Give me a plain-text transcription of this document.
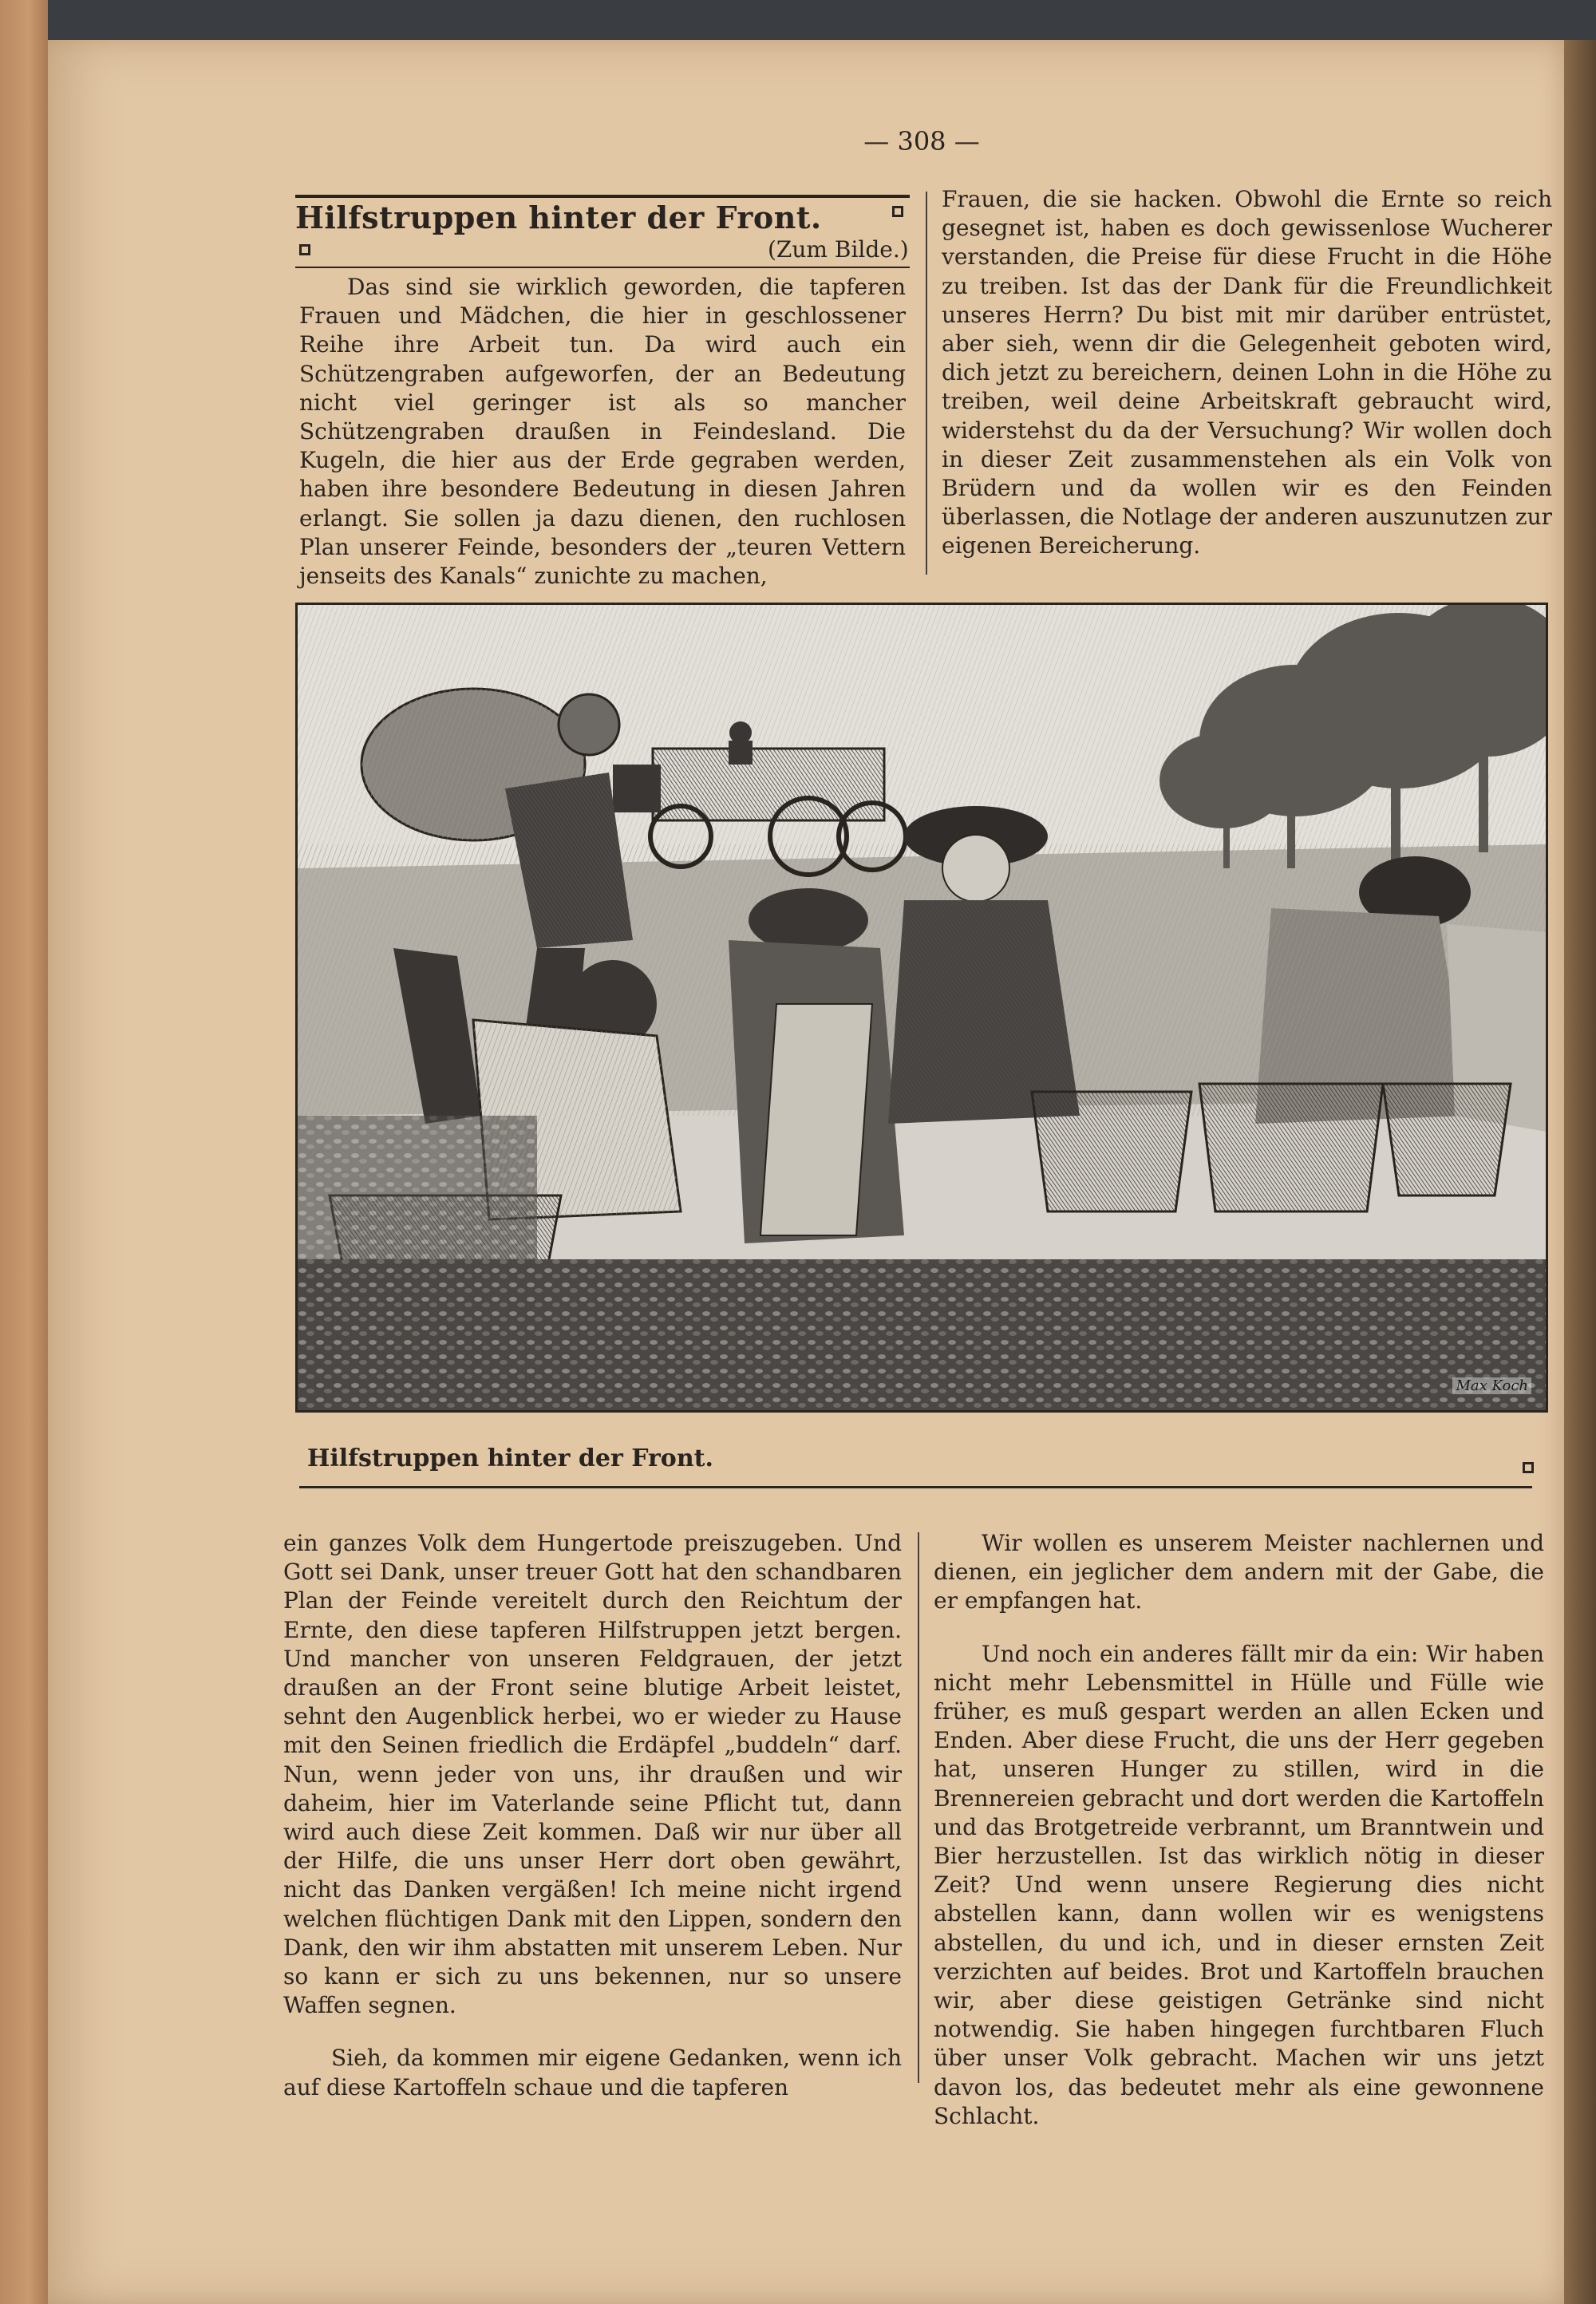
— 308 —
Hilfstruppen hinter der Front.
(Zum Bilde.)

Das sind sie wirklich geworden, die tapferen Frauen und Mädchen, die hier in geschlossener Reihe ihre Arbeit tun. Da wird auch ein Schützengraben aufgeworfen, der an Bedeutung nicht viel geringer ist als so mancher Schützengraben draußen in Feindesland. Die Kugeln, die hier aus der Erde gegraben werden, haben ihre besondere Bedeutung in diesen Jahren erlangt. Sie sollen ja dazu dienen, den ruchlosen Plan unserer Feinde, besonders der „teuren Vettern jenseits des Kanals“ zunichte zu machen,

Frauen, die sie hacken. Obwohl die Ernte so reich gesegnet ist, haben es doch gewissenlose Wucherer verstanden, die Preise für diese Frucht in die Höhe zu treiben. Ist das der Dank für die Freundlichkeit unseres Herrn? Du bist mit mir darüber entrüstet, aber sieh, wenn dir die Gelegenheit geboten wird, dich jetzt zu bereichern, deinen Lohn in die Höhe zu treiben, weil deine Arbeitskraft gebraucht wird, widerstehst du da der Versuchung? Wir wollen doch in dieser Zeit zusammenstehen als ein Volk von Brüdern und da wollen wir es den Feinden überlassen, die Notlage der anderen auszunutzen zur eigenen Bereicherung.

Max Koch
Hilfstruppen hinter der Front.

ein ganzes Volk dem Hungertode preiszugeben. Und Gott sei Dank, unser treuer Gott hat den schandbaren Plan der Feinde vereitelt durch den Reichtum der Ernte, den diese tapferen Hilfstruppen jetzt bergen. Und mancher von unseren Feldgrauen, der jetzt draußen an der Front seine blutige Arbeit leistet, sehnt den Augenblick herbei, wo er wieder zu Hause mit den Seinen friedlich die Erdäpfel „buddeln“ darf. Nun, wenn jeder von uns, ihr draußen und wir daheim, hier im Vaterlande seine Pflicht tut, dann wird auch diese Zeit kommen. Daß wir nur über all der Hilfe, die uns unser Herr dort oben gewährt, nicht das Danken vergäßen! Ich meine nicht irgend welchen flüchtigen Dank mit den Lippen, sondern den Dank, den wir ihm abstatten mit unserem Leben. Nur so kann er sich zu uns bekennen, nur so unsere Waffen segnen.

Sieh, da kommen mir eigene Gedanken, wenn ich auf diese Kartoffeln schaue und die tapferen

Wir wollen es unserem Meister nachlernen und dienen, ein jeglicher dem andern mit der Gabe, die er empfangen hat.

Und noch ein anderes fällt mir da ein: Wir haben nicht mehr Lebensmittel in Hülle und Fülle wie früher, es muß gespart werden an allen Ecken und Enden. Aber diese Frucht, die uns der Herr gegeben hat, unseren Hunger zu stillen, wird in die Brennereien gebracht und dort werden die Kartoffeln und das Brotgetreide verbrannt, um Branntwein und Bier herzustellen. Ist das wirklich nötig in dieser Zeit? Und wenn unsere Regierung dies nicht abstellen kann, dann wollen wir es wenigstens abstellen, du und ich, und in dieser ernsten Zeit verzichten auf beides. Brot und Kartoffeln brauchen wir, aber diese geistigen Getränke sind nicht notwendig. Sie haben hingegen furchtbaren Fluch über unser Volk gebracht. Machen wir uns jetzt davon los, das bedeutet mehr als eine gewonnene Schlacht.
